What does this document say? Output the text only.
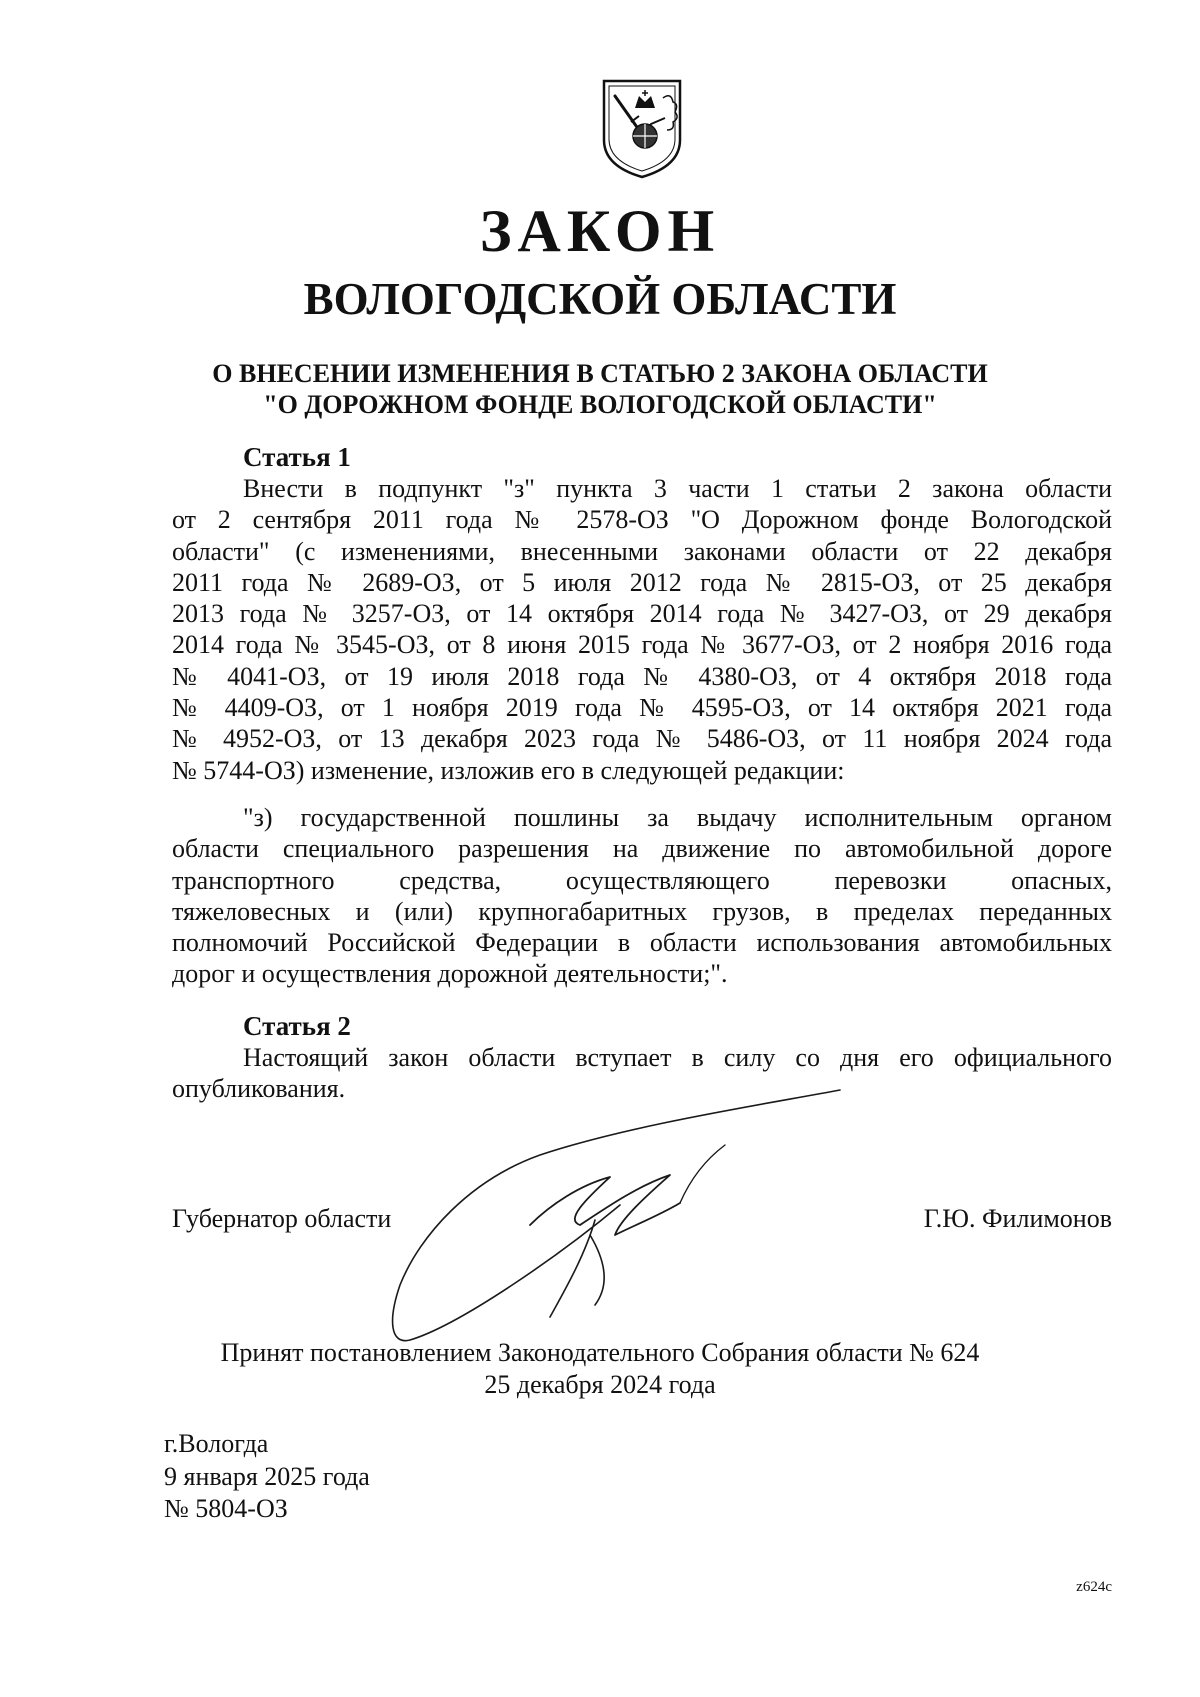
ЗАКОН
ВОЛОГОДСКОЙ ОБЛАСТИ
О ВНЕСЕНИИ ИЗМЕНЕНИЯ В СТАТЬЮ 2 ЗАКОНА ОБЛАСТИ
"О ДОРОЖНОМ ФОНДЕ ВОЛОГОДСКОЙ ОБЛАСТИ"
Статья 1
Внести в подпункт "з" пункта 3 части 1 статьи 2 закона области
от 2 сентября 2011 года № 2578-ОЗ "О Дорожном фонде Вологодской
области" (с изменениями, внесенными законами области от 22 декабря
2011 года № 2689-ОЗ, от 5 июля 2012 года № 2815-ОЗ, от 25 декабря
2013 года № 3257-ОЗ, от 14 октября 2014 года № 3427-ОЗ, от 29 декабря
2014 года № 3545-ОЗ, от 8 июня 2015 года № 3677-ОЗ, от 2 ноября 2016 года
№ 4041-ОЗ, от 19 июля 2018 года № 4380-ОЗ, от 4 октября 2018 года
№ 4409-ОЗ, от 1 ноября 2019 года № 4595-ОЗ, от 14 октября 2021 года
№ 4952-ОЗ, от 13 декабря 2023 года № 5486-ОЗ, от 11 ноября 2024 года
№ 5744-ОЗ) изменение, изложив его в следующей редакции:
"з) государственной пошлины за выдачу исполнительным органом
области специального разрешения на движение по автомобильной дороге
транспортного средства, осуществляющего перевозки опасных,
тяжеловесных и (или) крупногабаритных грузов, в пределах переданных
полномочий Российской Федерации в области использования автомобильных
дорог и осуществления дорожной деятельности;".
Статья 2
Настоящий закон области вступает в силу со дня его официального
опубликования.
Губернатор области	Г.Ю. Филимонов
Принят постановлением Законодательного Собрания области № 624
25 декабря 2024 года
г.Вологда
9 января 2025 года
№ 5804-ОЗ
z624c
